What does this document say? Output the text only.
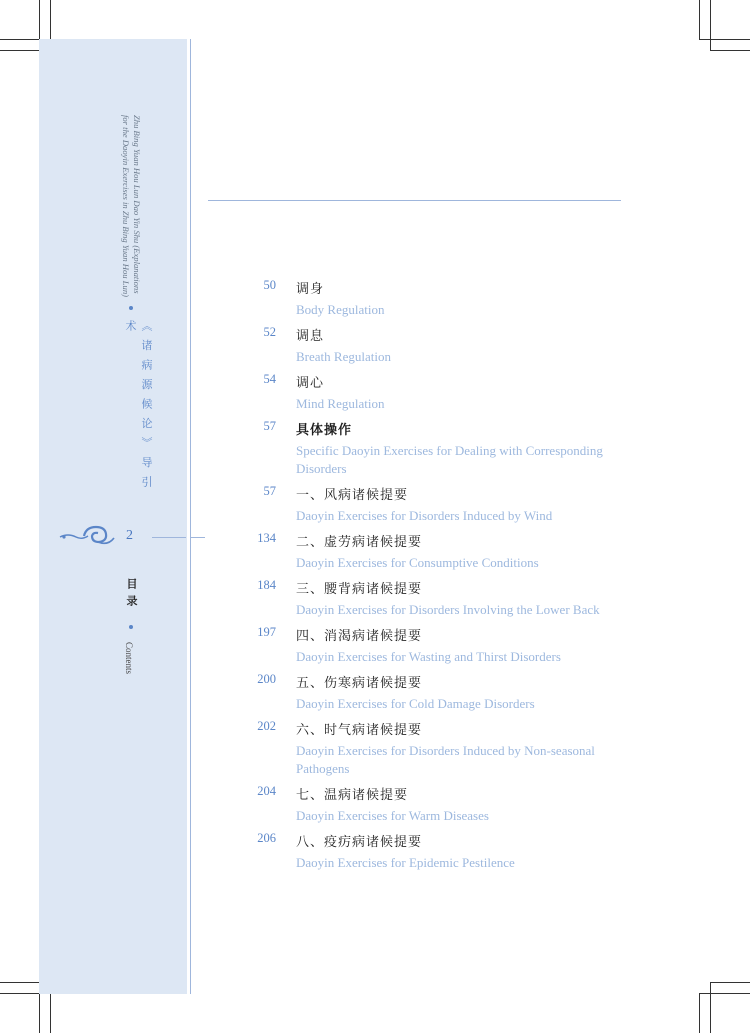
Zhu Bing Yuan Hou Lun Dao Yin Shu (Explanations
for the Daoyin Exercises in Zhu Bing Yuan Hou Lun)
《诸病源候论》导引术
2
目录
Contents
50 调身
Body Regulation
52 调息
Breath Regulation
54 调心
Mind Regulation
57 具体操作
Specific Daoyin Exercises for Dealing with Corresponding Disorders
57 一、风病诸候提要
Daoyin Exercises for Disorders Induced by Wind
134 二、虚劳病诸候提要
Daoyin Exercises for Consumptive Conditions
184 三、腰背病诸候提要
Daoyin Exercises for Disorders Involving the Lower Back
197 四、消渴病诸候提要
Daoyin Exercises for Wasting and Thirst Disorders
200 五、伤寒病诸候提要
Daoyin Exercises for Cold Damage Disorders
202 六、时气病诸候提要
Daoyin Exercises for Disorders Induced by Non-seasonal Pathogens
204 七、温病诸候提要
Daoyin Exercises for Warm Diseases
206 八、疫疠病诸候提要
Daoyin Exercises for Epidemic Pestilence
